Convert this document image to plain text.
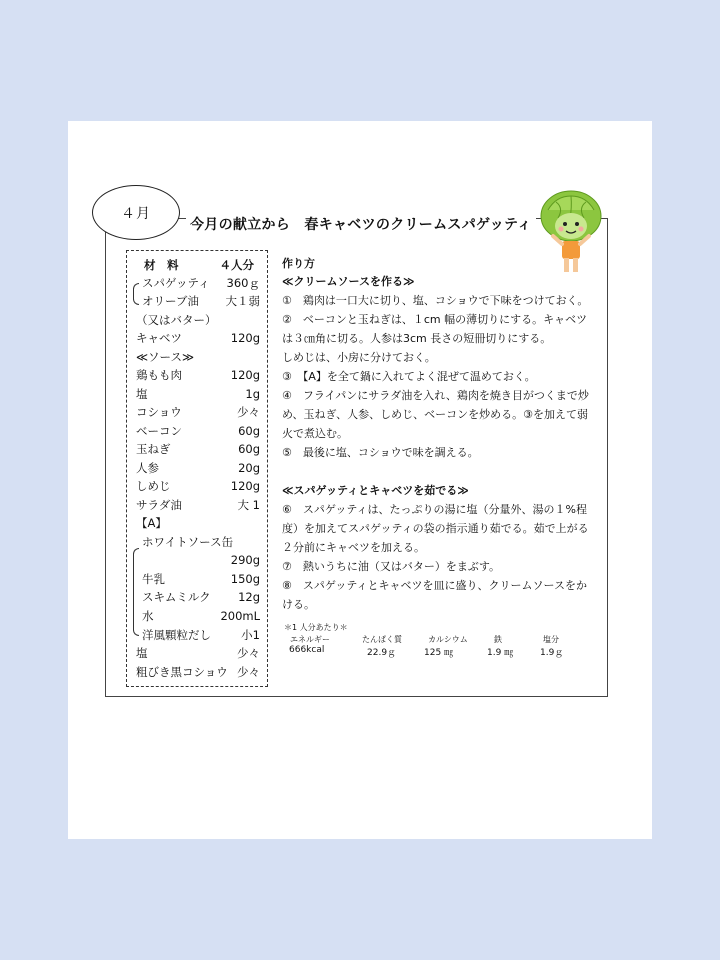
４月
今月の献立から　春キャベツのクリームスパゲッティ
材　料	４人分
スパゲッティ 360ｇ
オリーブ油 大１弱
（又はバター）
キャベツ	120g
≪ソース≫
鶏もも肉	120g
塩	1g
コショウ	少々
ベーコン	60g
玉ねぎ	60g
人参	20g
しめじ	120g
サラダ油	大 1
【A】
ホワイトソース缶
290g
牛乳	150g
スキムミルク 12g
水	200mL
洋風顆粒だし	小1
塩	少々
粗びき黒コショウ 少々
作り方
≪クリームソースを作る≫
①　鶏肉は一口大に切り、塩、コショウで下味をつけておく。
②　ベーコンと玉ねぎは、１cm 幅の薄切りにする。キャベツ
は３㎝角に切る。人参は3cm 長さの短冊切りにする。
しめじは、小房に分けておく。
③　【A】を全て鍋に入れてよく混ぜて温めておく。
④　フライパンにサラダ油を入れ、鶏肉を焼き目がつくまで炒
め、玉ねぎ、人参、しめじ、ベーコンを炒める。③を加えて弱
火で煮込む。
⑤　最後に塩、コショウで味を調える。
≪スパゲッティとキャベツを茹でる≫
⑥　スパゲッティは、たっぷりの湯に塩（分量外、湯の１%程
度）を加えてスパゲッティの袋の指示通り茹でる。茹で上がる
２分前にキャベツを加える。
⑦　熱いうちに油（又はバター）をまぶす。
⑧　スパゲッティとキャベツを皿に盛り、クリームソースをか
ける。
＊1 人分あたり＊
エネルギー
666kcal
たんぱく質
22.9ｇ
カルシウム
125 ㎎
鉄
1.9 ㎎
塩分
1.9ｇ
